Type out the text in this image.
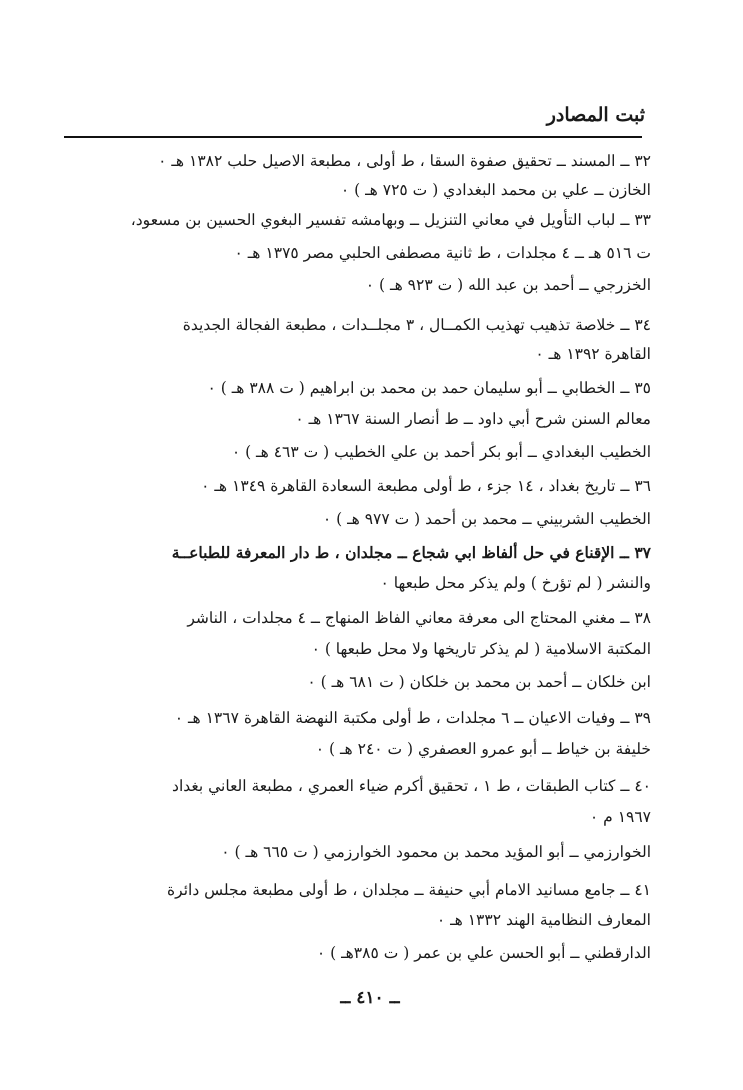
ثبت المصادر
٣٢ ــ المسند ــ تحقيق صفوة السقا ، ط أولى ، مطبعة الاصيل حلب ١٣٨٢ هـ ٠
الخازن ــ علي بن محمد البغدادي ( ت ٧٢٥ هـ ) ٠
٣٣ ــ لباب التأويل في معاني التنزيل ــ وبهامشه تفسير البغوي الحسين بن مسعود،
ت ٥١٦ هـ ــ ٤ مجلدات ، ط ثانية مصطفى الحلبي مصر ١٣٧٥ هـ ٠
الخزرجي ــ أحمد بن عبد الله ( ت ٩٢٣ هـ ) ٠
٣٤ ــ خلاصة تذهيب تهذيب الكمــال ، ٣ مجلــدات ، مطبعة الفجالة الجديدة
القاهرة ١٣٩٢ هـ ٠
٣٥ ــ الخطابي ــ أبو سليمان حمد بن محمد بن ابراهيم ( ت ٣٨٨ هـ ) ٠
معالم السنن شرح أبي داود ــ ط أنصار السنة ١٣٦٧ هـ ٠
الخطيب البغدادي ــ أبو بكر أحمد بن علي الخطيب ( ت ٤٦٣ هـ ) ٠
٣٦ ــ تاريخ بغداد ، ١٤ جزء ، ط أولى مطبعة السعادة القاهرة ١٣٤٩ هـ ٠
الخطيب الشربيني ــ محمد بن أحمد ( ت ٩٧٧ هـ ) ٠
٣٧ ــ الإقناع في حل ألفاظ ابي شجاع ــ مجلدان ، ط دار المعرفة للطباعــة
والنشر ( لم تؤرخ ) ولم يذكر محل طبعها ٠
٣٨ ــ مغني المحتاج الى معرفة معاني الفاظ المنهاج ــ ٤ مجلدات ، الناشر
المكتبة الاسلامية ( لم يذكر تاريخها ولا محل طبعها ) ٠
ابن خلكان ــ أحمد بن محمد بن خلكان ( ت ٦٨١ هـ ) ٠
٣٩ ــ وفيات الاعيان ــ ٦ مجلدات ، ط أولى مكتبة النهضة القاهرة ١٣٦٧ هـ ٠
خليفة بن خياط ــ أبو عمرو العصفري ( ت ٢٤٠ هـ ) ٠
٤٠ ــ كتاب الطبقات ، ط ١ ، تحقيق أكرم ضياء العمري ، مطبعة العاني بغداد
١٩٦٧ م ٠
الخوارزمي ــ أبو المؤيد محمد بن محمود الخوارزمي ( ت ٦٦٥ هـ ) ٠
٤١ ــ جامع مسانيد الامام أبي حنيفة ــ مجلدان ، ط أولى مطبعة مجلس دائرة
المعارف النظامية الهند ١٣٣٢ هـ ٠
الدارقطني ــ أبو الحسن علي بن عمر ( ت ٣٨٥هـ ) ٠
ــ ٤١٠ ــ
